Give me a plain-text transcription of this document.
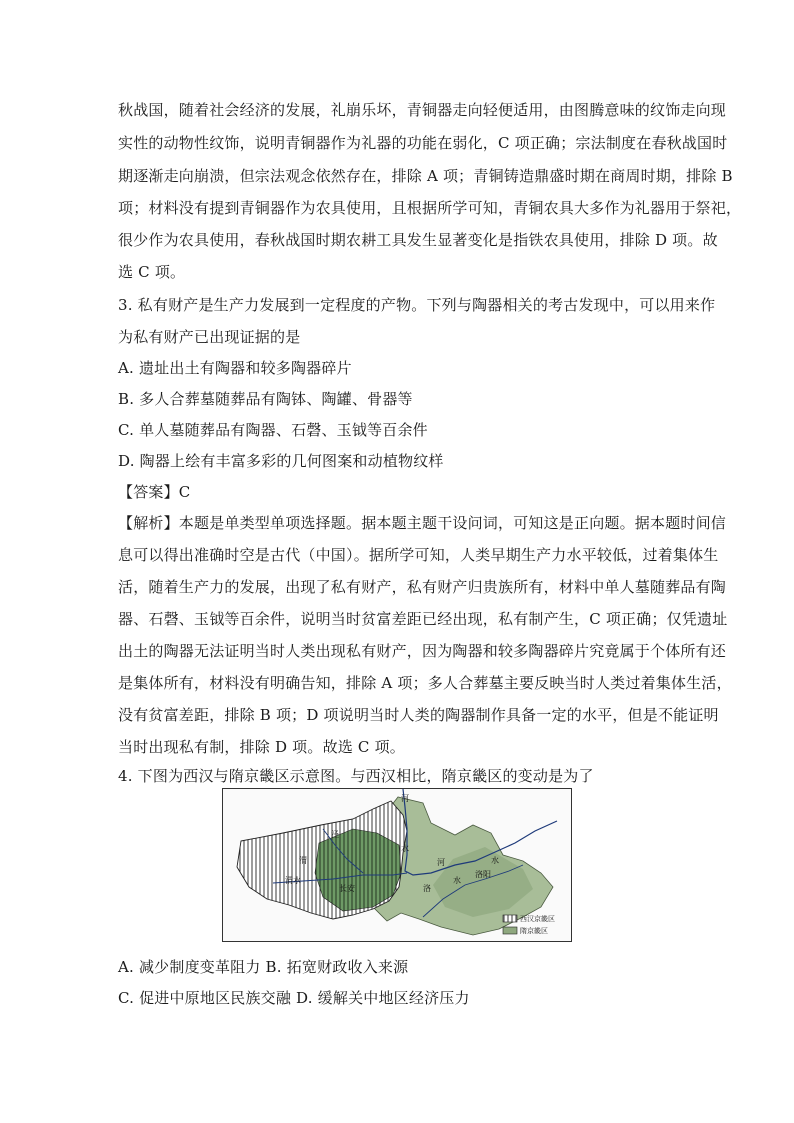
秋战国，随着社会经济的发展，礼崩乐坏，青铜器走向轻便适用，由图腾意味的纹饰走向现
实性的动物性纹饰，说明青铜器作为礼器的功能在弱化，C 项正确；宗法制度在春秋战国时
期逐渐走向崩溃，但宗法观念依然存在，排除 A 项；青铜铸造鼎盛时期在商周时期，排除 B
项；材料没有提到青铜器作为农具使用，且根据所学可知，青铜农具大多作为礼器用于祭祀，
很少作为农具使用，春秋战国时期农耕工具发生显著变化是指铁农具使用，排除 D 项。故
选 C 项。
3. 私有财产是生产力发展到一定程度的产物。下列与陶器相关的考古发现中，可以用来作
为私有财产已出现证据的是
A. 遗址出土有陶器和较多陶器碎片
B. 多人合葬墓随葬品有陶钵、陶罐、骨器等
C. 单人墓随葬品有陶器、石磬、玉钺等百余件
D. 陶器上绘有丰富多彩的几何图案和动植物纹样
【答案】C
【解析】本题是单类型单项选择题。据本题主题干设问词，可知这是正向题。据本题时间信
息可以得出准确时空是古代（中国）。据所学可知，人类早期生产力水平较低，过着集体生
活，随着生产力的发展，出现了私有财产，私有财产归贵族所有，材料中单人墓随葬品有陶
器、石磬、玉钺等百余件，说明当时贫富差距已经出现，私有制产生，C 项正确；仅凭遗址
出土的陶器无法证明当时人类出现私有财产，因为陶器和较多陶器碎片究竟属于个体所有还
是集体所有，材料没有明确告知，排除 A 项；多人合葬墓主要反映当时人类过着集体生活，
没有贫富差距，排除 B 项；D 项说明当时人类的陶器制作具备一定的水平，但是不能证明
当时出现私有制，排除 D 项。故选 C 项。
4. 下图为西汉与隋京畿区示意图。与西汉相比，隋京畿区的变动是为了
河
泾
渭
渭水
长安
水
河	水
洛
水
洛阳
西汉京畿区
隋京畿区
A. 减少制度变革阻力 B. 拓宽财政收入来源
C. 促进中原地区民族交融 D. 缓解关中地区经济压力
